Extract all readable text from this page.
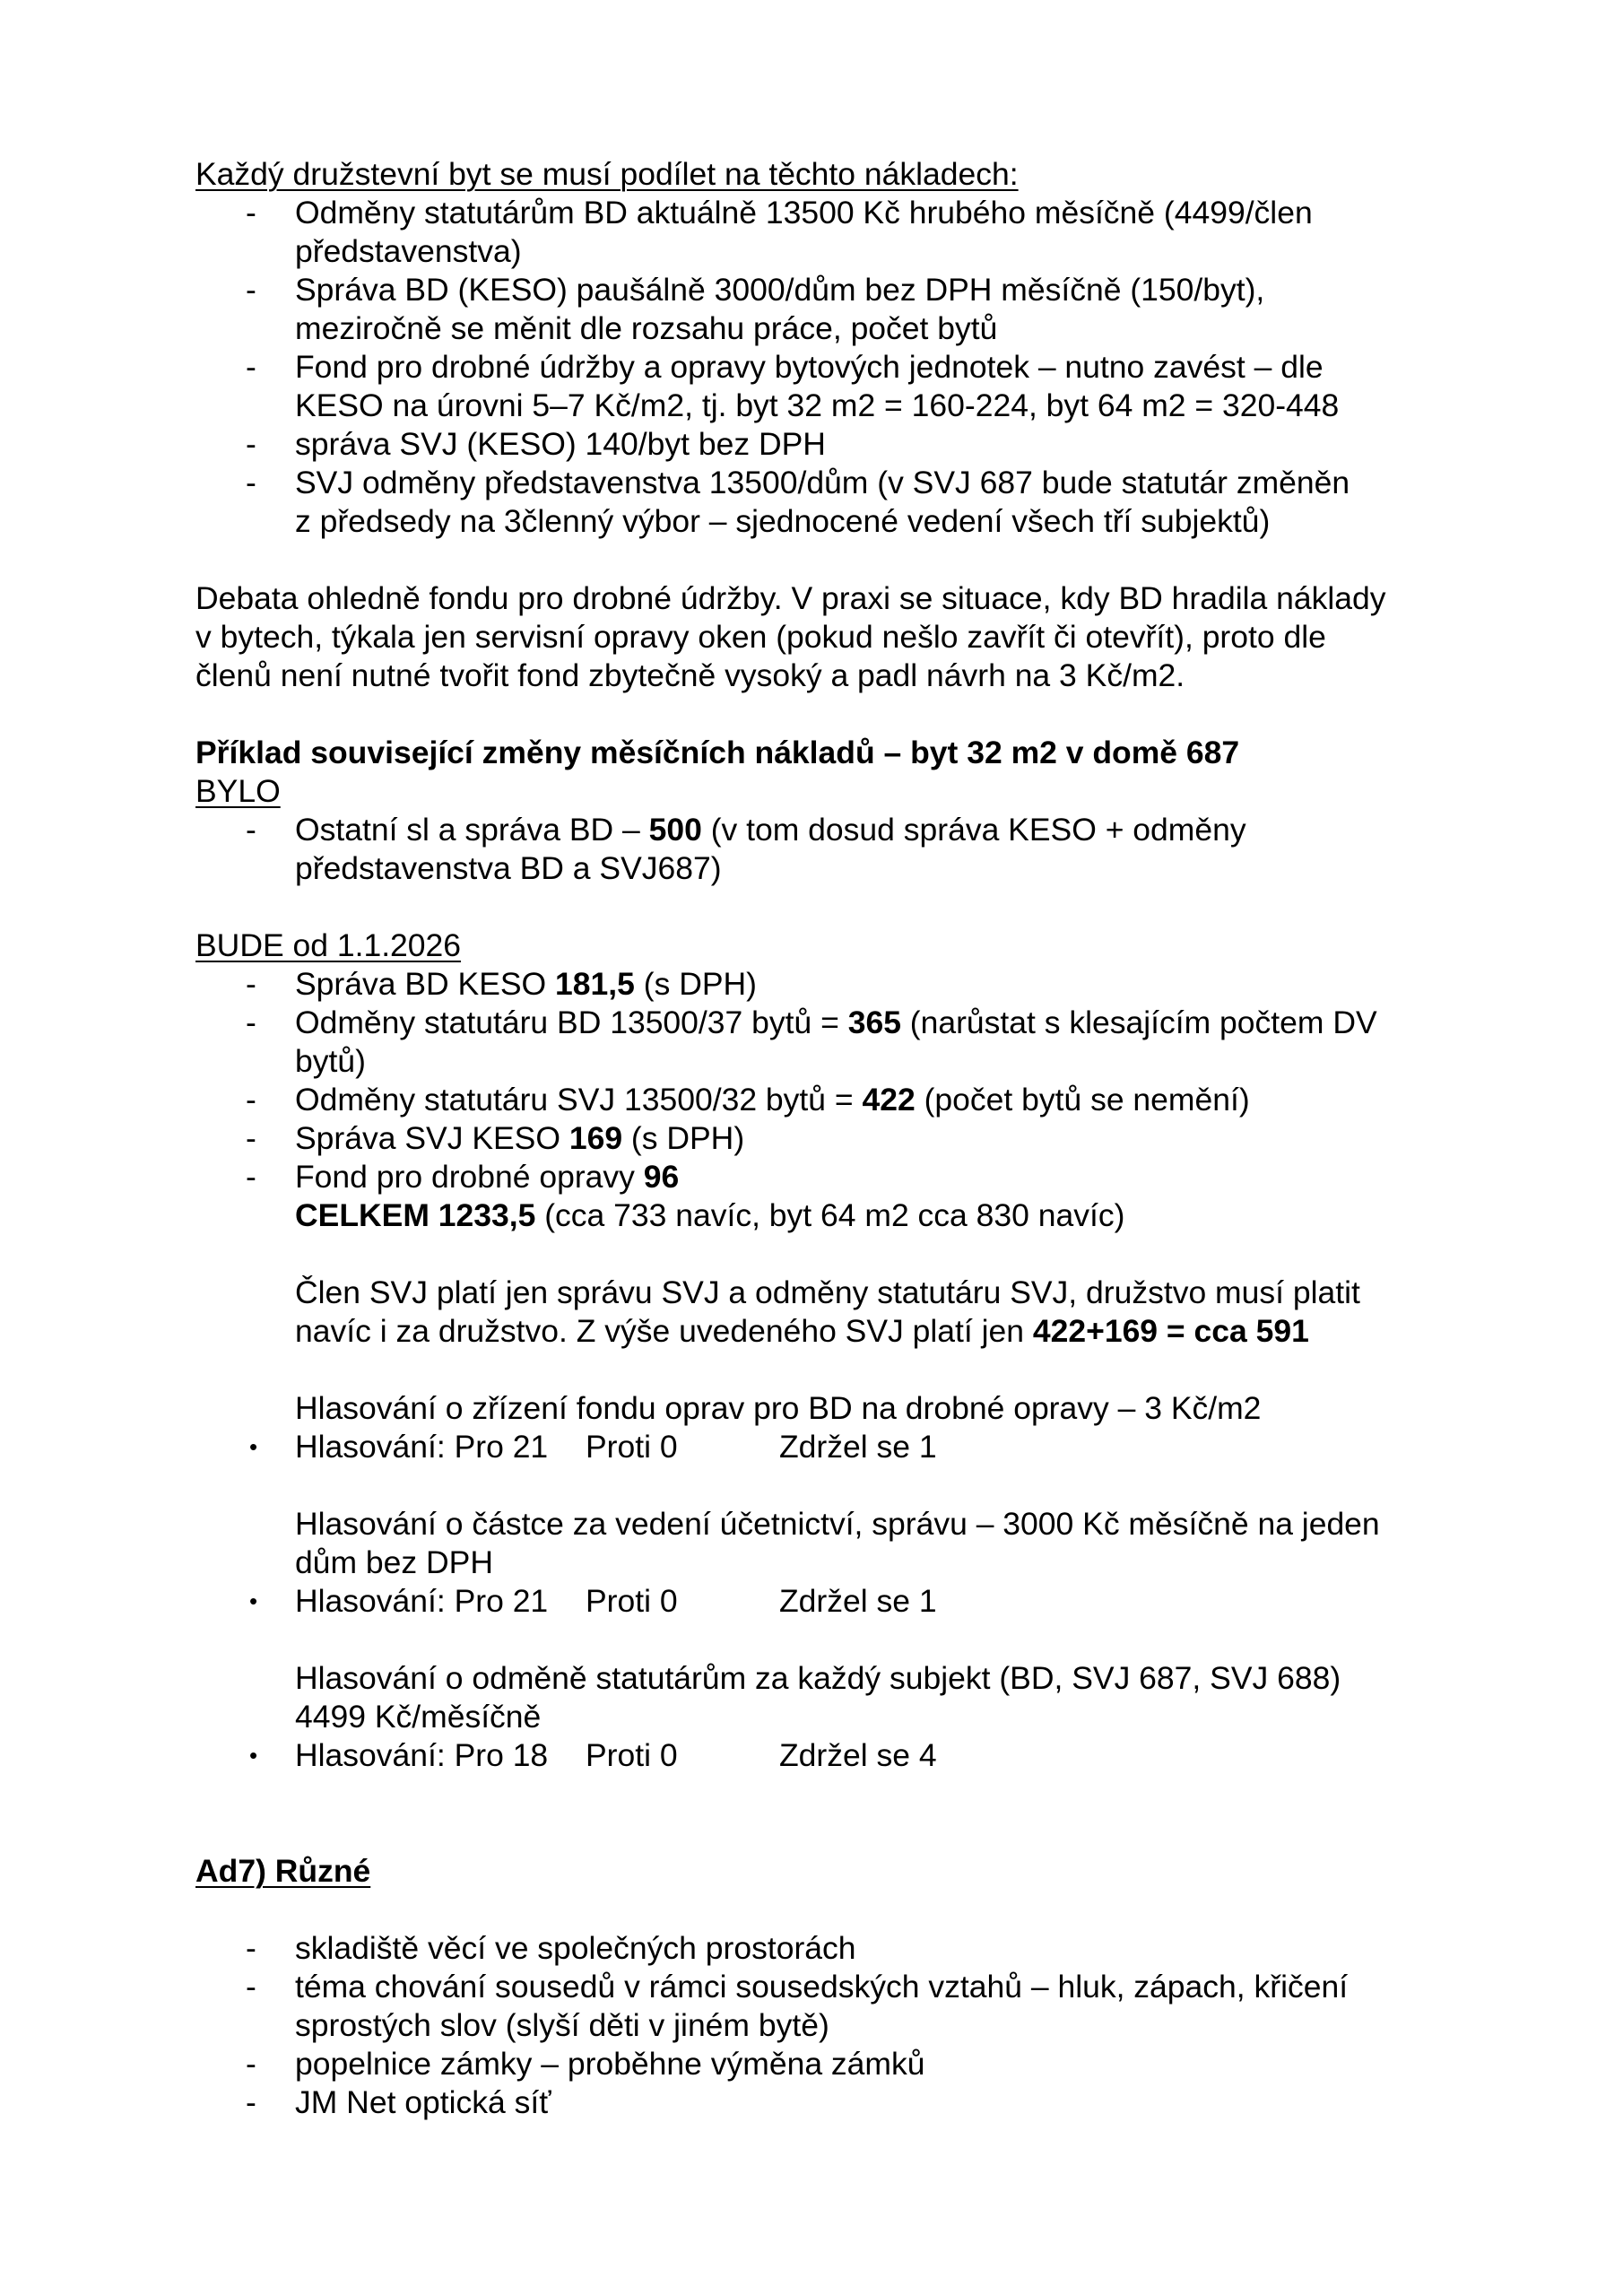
Každý družstevní byt se musí podílet na těchto nákladech:

- Odměny statutárům BD aktuálně 13500 Kč hrubého měsíčně (4499/člen

představenstva)

- Správa BD (KESO) paušálně 3000/dům bez DPH měsíčně (150/byt),

meziročně se měnit dle rozsahu práce, počet bytů

- Fond pro drobné údržby a opravy bytových jednotek – nutno zavést – dle

KESO na úrovni 5–7 Kč/m2, tj. byt 32 m2 = 160-224, byt 64 m2 = 320-448

- správa SVJ (KESO) 140/byt bez DPH

- SVJ odměny představenstva 13500/dům (v SVJ 687 bude statutár změněn

z předsedy na 3členný výbor – sjednocené vedení všech tří subjektů)

Debata ohledně fondu pro drobné údržby. V praxi se situace, kdy BD hradila náklady

v bytech, týkala jen servisní opravy oken (pokud nešlo zavřít či otevřít), proto dle

členů není nutné tvořit fond zbytečně vysoký a padl návrh na 3 Kč/m2.

Příklad související změny měsíčních nákladů – byt 32 m2 v domě 687

BYLO

- Ostatní sl a správa BD – 500 (v tom dosud správa KESO + odměny

představenstva BD a SVJ687)

BUDE od 1.1.2026

- Správa BD KESO 181,5 (s DPH)

- Odměny statutáru BD 13500/37 bytů = 365 (narůstat s klesajícím počtem DV

bytů)

- Odměny statutáru SVJ 13500/32 bytů = 422 (počet bytů se nemění)

- Správa SVJ KESO 169 (s DPH)

- Fond pro drobné opravy 96

CELKEM 1233,5 (cca 733 navíc, byt 64 m2 cca 830 navíc)

Člen SVJ platí jen správu SVJ a odměny statutáru SVJ, družstvo musí platit

navíc i za družstvo. Z výše uvedeného SVJ platí jen 422+169 = cca 591

Hlasování o zřízení fondu oprav pro BD na drobné opravy – 3 Kč/m2

• Hlasování: Pro 21 Proti 0	Zdržel se 1

Hlasování o částce za vedení účetnictví, správu – 3000 Kč měsíčně na jeden

dům bez DPH

• Hlasování: Pro 21 Proti 0	Zdržel se 1

Hlasování o odměně statutárům za každý subjekt (BD, SVJ 687, SVJ 688)

4499 Kč/měsíčně

• Hlasování: Pro 18 Proti 0	Zdržel se 4

Ad7) Různé

- skladiště věcí ve společných prostorách

- téma chování sousedů v rámci sousedských vztahů – hluk, zápach, křičení

sprostých slov (slyší děti v jiném bytě)

- popelnice zámky – proběhne výměna zámků

- JM Net optická síť
